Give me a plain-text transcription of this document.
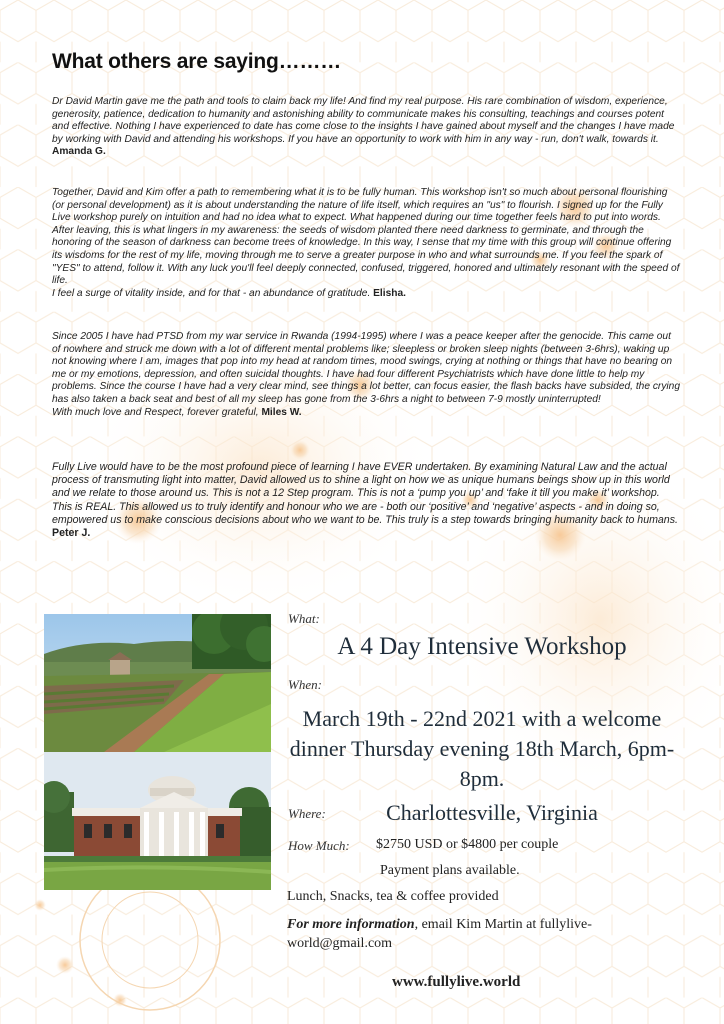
What others are saying………
Dr David Martin gave me the path and tools to claim back my life! And find my real purpose. His rare combination of wisdom, experience, generosity, patience, dedication to humanity and astonishing ability to communicate makes his consulting, teachings and courses potent and effective. Nothing I have experienced to date has come close to the insights I have gained about myself and the changes I have made by working with David and attending his workshops. If you have an opportunity to work with him in any way - run, don't walk, towards it.
Amanda G.
Together, David and Kim offer a path to remembering what it is to be fully human. This workshop isn't so much about personal flourishing (or personal development) as it is about understanding the nature of life itself, which requires an "us" to flourish. I signed up for the Fully Live workshop purely on intuition and had no idea what to expect. What happened during our time together feels hard to put into words. After leaving, this is what lingers in my awareness: the seeds of wisdom planted there need darkness to germinate, and through the honoring of the season of darkness can become trees of knowledge. In this way, I sense that my time with this group will continue offering its wisdoms for the rest of my life, moving through me to serve a greater purpose in who and what surrounds me. If you feel the spark of "YES" to attend, follow it. With any luck you'll feel deeply connected, confused, triggered, honored and ultimately resonant with the speed of life.
I feel a surge of vitality inside, and for that - an abundance of gratitude. Elisha.
Since 2005 I have had PTSD from my war service in Rwanda (1994-1995) where I was a peace keeper after the genocide. This came out of nowhere and struck me down with a lot of different mental problems like; sleepless or broken sleep nights (between 3-6hrs), waking up not knowing where I am, images that pop into my head at random times, mood swings, crying at nothing or things that have no bearing on me or my emotions, depression, and often suicidal thoughts. I have had four different Psychiatrists which have done little to help my problems. Since the course I have had a very clear mind, see things a lot better, can focus easier, the flash backs have subsided, the crying has also taken a back seat and best of all my sleep has gone from the 3-6hrs a night to between 7-9 mostly uninterrupted!
With much love and Respect, forever grateful, Miles W.
Fully Live would have to be the most profound piece of learning I have EVER undertaken. By examining Natural Law and the actual process of transmuting light into matter, David allowed us to shine a light on how we as unique humans beings show up in this world and we relate to those around us. This is not a 12 Step program. This is not a ‘pump you up’ and ‘fake it till you make it’ workshop. This is REAL. This allowed us to truly identify and honour who we are - both our ‘positive’ and ‘negative’ aspects - and in doing so, empowered us to make conscious decisions about who we want to be. This truly is a step towards bringing humanity back to humans. Peter J.
What:
A 4 Day Intensive Workshop
When:
March 19th - 22nd 2021 with a welcome dinner Thursday evening 18th March, 6pm-8pm.
Where:	Charlottesville, Virginia
How Much: $2750 USD or $4800 per couple
Payment plans available.
Lunch, Snacks, tea & coffee provided
For more information, email Kim Martin at fullylive-world@gmail.com
www.fullylive.world
